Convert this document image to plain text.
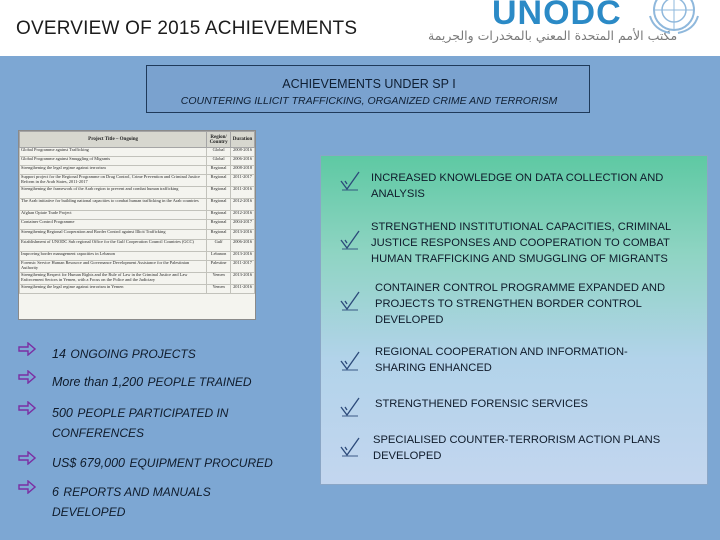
OVERVIEW OF 2015 ACHIEVEMENTS	مكتب الأمم المتحدة المعني بالمخدرات والجريمة
UNODC
ACHIEVEMENTS UNDER SP I
COUNTERING ILLICIT TRAFFICKING, ORGANIZED CRIME AND TERRORISM
Project Title – Ongoing	Region/ Country	Duration
Global Programme against Trafficking	Global	2008-2016
Global Programme against Smuggling of Migrants	Global	2006-2016
Strengthening the legal regime against terrorism	Regional	2008-2018
Support project for the Regional Programme on Drug Control, Crime Prevention and Criminal Justice Reform in the Arab States, 2011-2017	Regional	2011-2017
Strengthening the framework of the Arab region to prevent and combat human trafficking	Regional	2011-2016
The Arab initiative for building national capacities to combat human trafficking in the Arab countries	Regional	2012-2016
Afghan Opiate Trade Project	Regional	2012-2016
Container Control Programme	Regional	2004-2017
Strengthening Regional Cooperation and Border Control against Illicit Trafficking	Regional	2013-2016
Establishment of UNODC Sub regional Office for the Gulf Cooperation Council Countries (GCC)	Gulf	2006-2016
Improving border management capacities in Lebanon	Lebanon	2013-2016
Forensic Service Human Resource and Governance Development Assistance for the Palestinian Authority	Palestine	2011-2017
Strengthening Respect for Human Rights and the Rule of Law in the Criminal Justice and Law Enforcement Sectors in Yemen, with a Focus on the Police and the Judiciary	Yemen	2013-2016
Strengthening the legal regime against terrorism in Yemen	Yemen	2011-2016
14 ONGOING PROJECTS
More than 1,200 PEOPLE TRAINED
500 PEOPLE PARTICIPATED IN CONFERENCES
US$ 679,000 EQUIPMENT PROCURED
6 REPORTS AND MANUALS DEVELOPED
INCREASED KNOWLEDGE ON DATA COLLECTION AND ANALYSIS
STRENGTHEND INSTITUTIONAL CAPACITIES, CRIMINAL JUSTICE RESPONSES AND COOPERATION TO COMBAT HUMAN TRAFFICKING AND SMUGGLING OF MIGRANTS
CONTAINER CONTROL PROGRAMME EXPANDED AND PROJECTS TO STRENGTHEN BORDER CONTROL DEVELOPED
REGIONAL COOPERATION AND INFORMATION-SHARING ENHANCED
STRENGTHENED FORENSIC SERVICES
SPECIALISED COUNTER-TERRORISM ACTION PLANS DEVELOPED
